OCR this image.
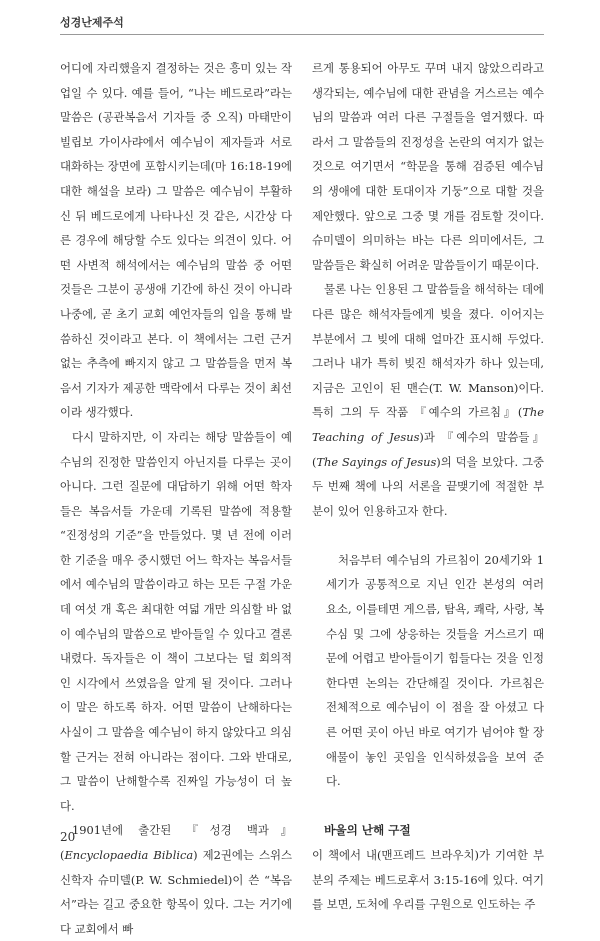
성경난제주석

어디에 자리했을지 결정하는 것은 흥미 있는 작업일 수 있다. 예를 들어, “나는 베드로라”라는 말씀은 (공관복음서 기자들 중 오직) 마태만이 빌립보 가이사랴에서 예수님이 제자들과 서로 대화하는 장면에 포함시키는데(마 16:18-19에 대한 해설을 보라) 그 말씀은 예수님이 부활하신 뒤 베드로에게 나타나신 것 같은, 시간상 다른 경우에 해당할 수도 있다는 의견이 있다. 어떤 사변적 해석에서는 예수님의 말씀 중 어떤 것들은 그분이 공생애 기간에 하신 것이 아니라 나중에, 곧 초기 교회 예언자들의 입을 통해 발씀하신 것이라고 본다. 이 책에서는 그런 근거 없는 추측에 빠지지 않고 그 말씀들을 먼저 복음서 기자가 제공한 맥락에서 다루는 것이 최선이라 생각했다.

다시 말하지만, 이 자리는 해당 말씀들이 예수님의 진정한 말씀인지 아닌지를 다루는 곳이 아니다. 그런 질문에 대답하기 위해 어떤 학자들은 복음서들 가운데 기록된 말씀에 적용할 “진정성의 기준”을 만들었다. 몇 년 전에 이러한 기준을 매우 중시했던 어느 학자는 복음서들에서 예수님의 말씀이라고 하는 모든 구절 가운데 여섯 개 혹은 최대한 여덟 개만 의심할 바 없이 예수님의 말씀으로 받아들일 수 있다고 결론 내렸다. 독자들은 이 책이 그보다는 덜 회의적인 시각에서 쓰였음을 알게 될 것이다. 그러나 이 말은 하도록 하자. 어떤 말씀이 난해하다는 사실이 그 말씀을 예수님이 하지 않았다고 의심할 근거는 전혀 아니라는 점이다. 그와 반대로, 그 말씀이 난해할수록 진짜일 가능성이 더 높다.

1901년에 출간된 『성경 백과』(Encyclopaedia Biblica) 제2권에는 스위스 신학자 슈미델(P. W. Schmiedel)이 쓴 “복음서”라는 길고 중요한 항목이 있다. 그는 거기에다 교회에서 빠

르게 통용되어 아무도 꾸며 내지 않았으리라고 생각되는, 예수님에 대한 관념을 거스르는 예수님의 말씀과 여러 다른 구절들을 열거했다. 따라서 그 말씀들의 진정성을 논란의 여지가 없는 것으로 여기면서 “학문을 통해 검증된 예수님의 생애에 대한 토대이자 기둥”으로 대할 것을 제안했다. 앞으로 그중 몇 개를 검토할 것이다. 슈미델이 의미하는 바는 다른 의미에서든, 그 말씀들은 확실히 어려운 말씀들이기 때문이다.

물론 나는 인용된 그 말씀들을 해석하는 데에 다른 많은 해석자들에게 빚을 졌다. 이어지는 부분에서 그 빚에 대해 얼마간 표시해 두었다. 그러나 내가 특히 빚진 해석자가 하나 있는데, 지금은 고인이 된 맨슨(T. W. Manson)이다. 특히 그의 두 작품 『예수의 가르침』(The Teaching of Jesus)과 『예수의 말씀들』(The Sayings of Jesus)의 덕을 보았다. 그중 두 번째 책에 나의 서론을 끝맺기에 적절한 부분이 있어 인용하고자 한다.

처음부터 예수님의 가르침이 20세기와 1세기가 공통적으로 지닌 인간 본성의 여러 요소, 이를테면 게으름, 탐욕, 쾌락, 사랑, 복수심 및 그에 상응하는 것들을 거스르기 때문에 어렵고 받아들이기 힘들다는 것을 인정한다면 논의는 간단해질 것이다. 가르침은 전체적으로 예수님이 이 점을 잘 아셨고 다른 어떤 곳이 아닌 바로 여기가 넘어야 할 장애물이 놓인 곳임을 인식하셨음을 보여 준다.

바울의 난해 구절

이 책에서 내(맨프레드 브라우치)가 기여한 부분의 주제는 베드로후서 3:15-16에 있다. 여기를 보면, 도처에 우리를 구원으로 인도하는 주

20
